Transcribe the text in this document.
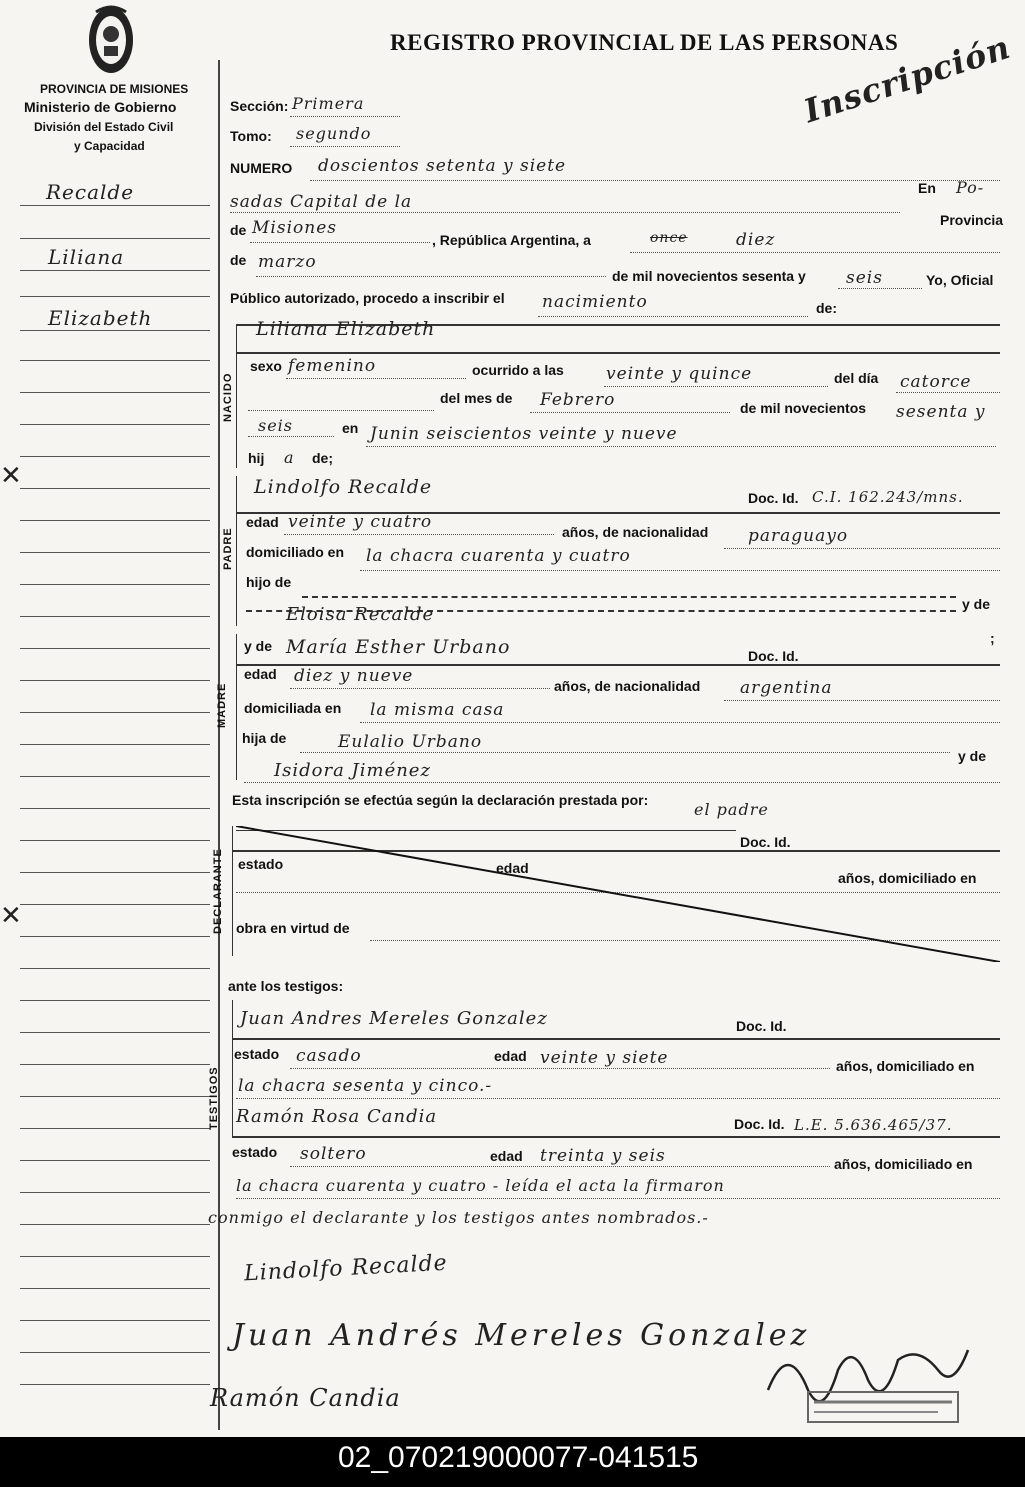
PROVINCIA DE MISIONES
Ministerio de Gobierno
División del Estado Civil
y Capacidad
REGISTRO PROVINCIAL DE LAS PERSONAS
Inscripción
Recalde
Liliana
Elizabeth
Sección: Primera
Tomo: segundo
NUMERO doscientos setenta y siete
sadas Capital de la
En Po-
Provincia
de Misiones
, República Argentina, a	once	diez
de marzo
de mil novecientos sesenta y seis	Yo, Oficial
Público autorizado, procedo a inscribir el nacimiento	de:
NACIDO
Liliana Elizabeth
sexo femenino	ocurrido a las veinte y quince	del día catorce
del mes de Febrero	de mil novecientos sesenta y
seis	en Junin seiscientos veinte y nueve
hij a de;
PADRE
Lindolfo Recalde	Doc. Id. C.I. 162.243/mns.
edad veinte y cuatro	años, de nacionalidad paraguayo
domiciliado en la chacra cuarenta y cuatro
hijo de
y de
Eloisa Recalde
;
MADRE
y de María Esther Urbano	Doc. Id.
edad diez y nueve	años, de nacionalidad argentina
domiciliada en la misma casa
hija de	Eulalio Urbano
y de
Isidora Jiménez
Esta inscripción se efectúa según la declaración prestada por:	el padre
DECLARANTE
Doc. Id.
estado	edad
años, domiciliado en
obra en virtud de
ante los testigos:
TESTIGOS
Juan Andres Mereles Gonzalez	Doc. Id.
estado casado	edad veinte y siete	años, domiciliado en
la chacra sesenta y cinco.-
Ramón Rosa Candia	Doc. Id. L.E. 5.636.465/37.
estado soltero	edad treinta y seis	años, domiciliado en
la chacra cuarenta y cuatro - leída el acta la firmaron
conmigo el declarante y los testigos antes nombrados.-
Lindolfo Recalde
Juan Andrés Mereles Gonzalez
Ramón Candia
✕
✕
02_070219000077-041515
